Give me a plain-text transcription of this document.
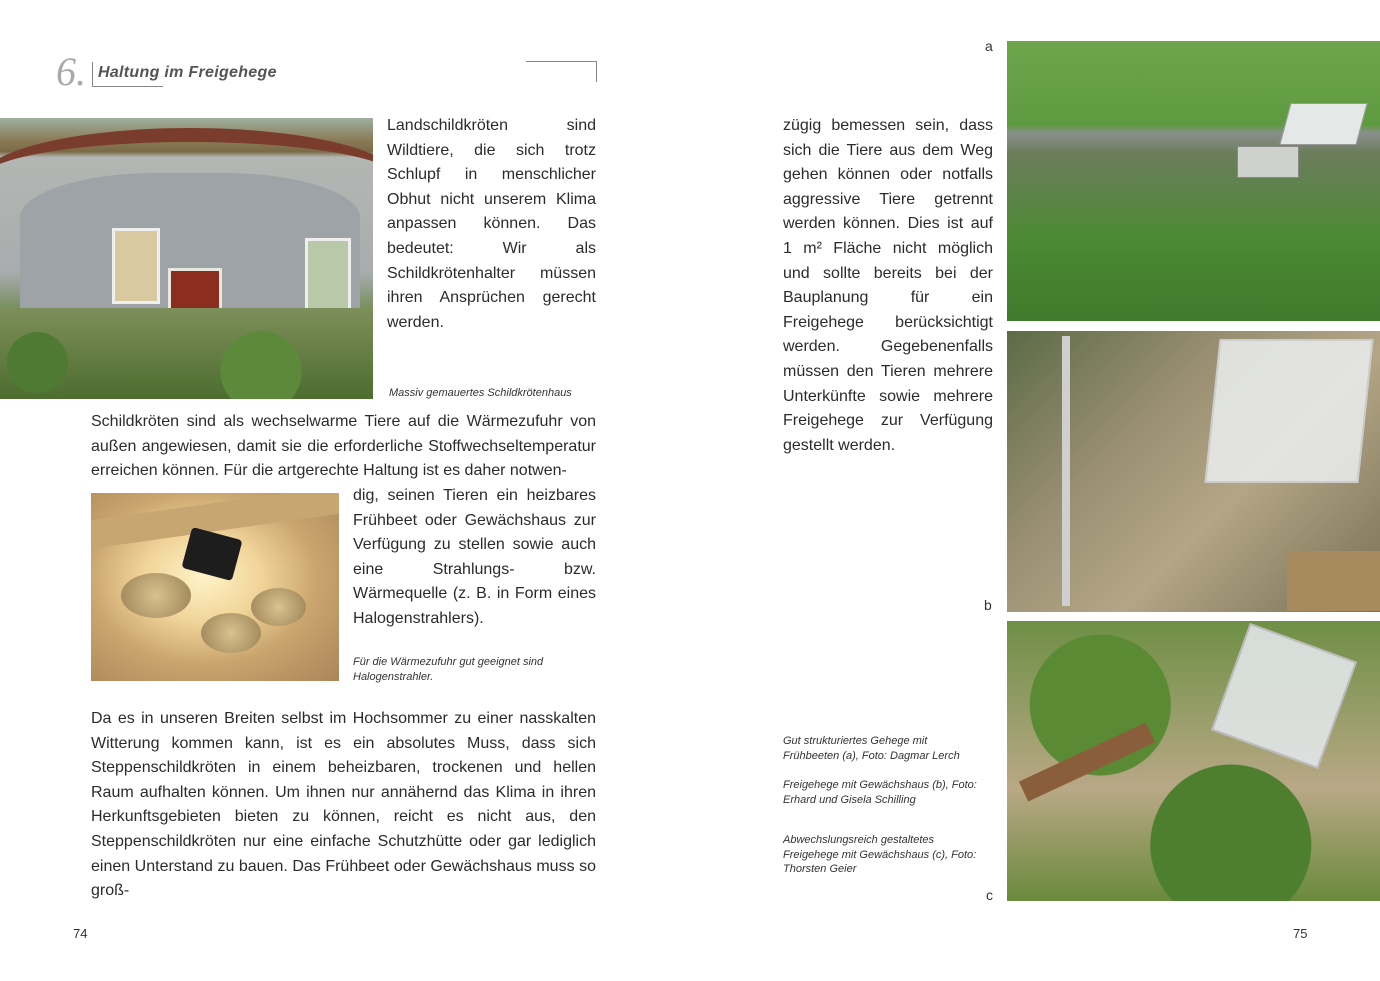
6. Haltung im Freigehege

Landschildkröten sind Wildtiere, die sich trotz Schlupf in menschlicher Obhut nicht unserem Klima anpassen können. Das bedeutet: Wir als Schildkrötenhalter müssen ihren Ansprüchen gerecht werden.

Massiv gemauertes Schildkrötenhaus

Schildkröten sind als wechselwarme Tiere auf die Wärmezufuhr von außen angewiesen, damit sie die erforderliche Stoffwechseltemperatur erreichen können. Für die artgerechte Haltung ist es daher notwen-

dig, seinen Tieren ein heizbares Frühbeet oder Gewächshaus zur Verfügung zu stellen sowie auch eine Strahlungs- bzw. Wärmequelle (z. B. in Form eines Halogenstrahlers).

Für die Wärmezufuhr gut geeignet sind Halogenstrahler.

Da es in unseren Breiten selbst im Hochsommer zu einer nasskalten Witterung kommen kann, ist es ein absolutes Muss, dass sich Steppenschildkröten in einem beheizbaren, trockenen und hellen Raum aufhalten können. Um ihnen nur annähernd das Klima in ihren Herkunftsgebieten bieten zu können, reicht es nicht aus, den Steppenschildkröten nur eine einfache Schutzhütte oder gar lediglich einen Unterstand zu bauen. Das Frühbeet oder Gewächshaus muss so groß-

74

zügig bemessen sein, dass sich die Tiere aus dem Weg gehen können oder notfalls aggressive Tiere getrennt werden können. Dies ist auf 1 m² Fläche nicht möglich und sollte bereits bei der Bauplanung für ein Freigehege berücksichtigt werden. Gegebenenfalls müssen den Tieren mehrere Unterkünfte sowie mehrere Freigehege zur Verfügung gestellt werden.

Gut strukturiertes Gehege mit Frühbeeten (a), Foto: Dagmar Lerch
Freigehege mit Gewächshaus (b), Foto: Erhard und Gisela Schilling
Abwechslungsreich gestaltetes Freigehege mit Gewächshaus (c), Foto: Thorsten Geier
a
b
c
75
